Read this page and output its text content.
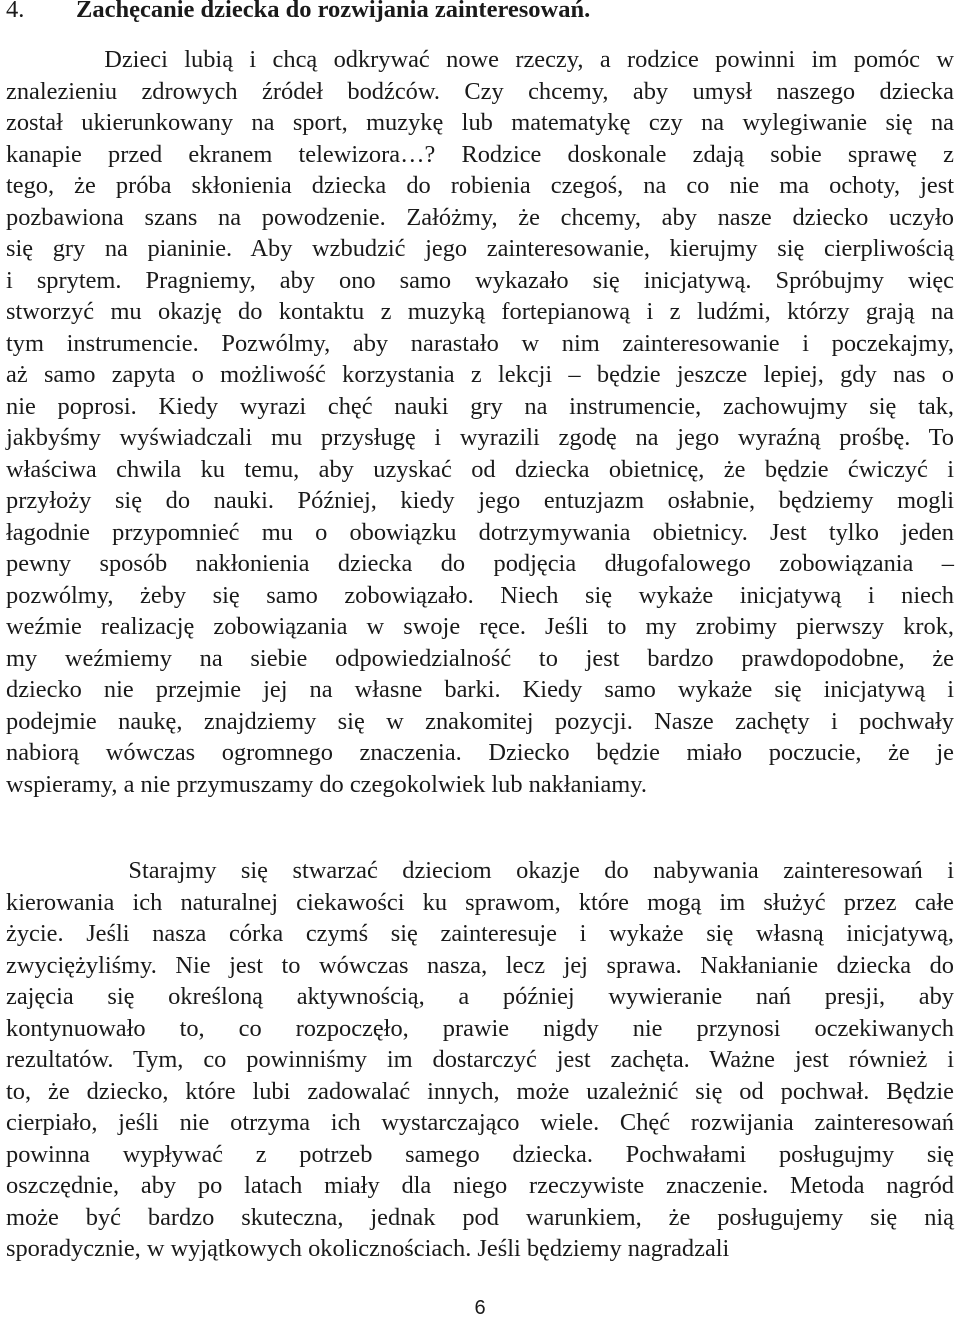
4. Zachęcanie dziecka do rozwijania zainteresowań.
Dzieci lubią i chcą odkrywać nowe rzeczy, a rodzice powinni im pomóc w
znalezieniu zdrowych źródeł bodźców. Czy chcemy, aby umysł naszego dziecka
został ukierunkowany na sport, muzykę lub matematykę czy na wylegiwanie się na
kanapie przed ekranem telewizora…? Rodzice doskonale zdają sobie sprawę z
tego, że próba skłonienia dziecka do robienia czegoś, na co nie ma ochoty, jest
pozbawiona szans na powodzenie. Załóżmy, że chcemy, aby nasze dziecko uczyło
się gry na pianinie. Aby wzbudzić jego zainteresowanie, kierujmy się cierpliwością
i sprytem. Pragniemy, aby ono samo wykazało się inicjatywą. Spróbujmy więc
stworzyć mu okazję do kontaktu z muzyką fortepianową i z ludźmi, którzy grają na
tym instrumencie. Pozwólmy, aby narastało w nim zainteresowanie i poczekajmy,
aż samo zapyta o możliwość korzystania z lekcji – będzie jeszcze lepiej, gdy nas o
nie poprosi. Kiedy wyrazi chęć nauki gry na instrumencie, zachowujmy się tak,
jakbyśmy wyświadczali mu przysługę i wyrazili zgodę na jego wyraźną prośbę. To
właściwa chwila ku temu, aby uzyskać od dziecka obietnicę, że będzie ćwiczyć i
przyłoży się do nauki. Później, kiedy jego entuzjazm osłabnie, będziemy mogli
łagodnie przypomnieć mu o obowiązku dotrzymywania obietnicy. Jest tylko jeden
pewny sposób nakłonienia dziecka do podjęcia długofalowego zobowiązania –
pozwólmy, żeby się samo zobowiązało. Niech się wykaże inicjatywą i niech
weźmie realizację zobowiązania w swoje ręce. Jeśli to my zrobimy pierwszy krok,
my weźmiemy na siebie odpowiedzialność to jest bardzo prawdopodobne, że
dziecko nie przejmie jej na własne barki. Kiedy samo wykaże się inicjatywą i
podejmie naukę, znajdziemy się w znakomitej pozycji. Nasze zachęty i pochwały
nabiorą wówczas ogromnego znaczenia. Dziecko będzie miało poczucie, że je
wspieramy, a nie przymuszamy do czegokolwiek lub nakłaniamy.
Starajmy się stwarzać dzieciom okazje do nabywania zainteresowań i
kierowania ich naturalnej ciekawości ku sprawom, które mogą im służyć przez całe
życie. Jeśli nasza córka czymś się zainteresuje i wykaże się własną inicjatywą,
zwyciężyliśmy. Nie jest to wówczas nasza, lecz jej sprawa. Nakłanianie dziecka do
zajęcia się określoną aktywnością, a później wywieranie nań presji, aby
kontynuowało to, co rozpoczęło, prawie nigdy nie przynosi oczekiwanych
rezultatów. Tym, co powinniśmy im dostarczyć jest zachęta. Ważne jest również i
to, że dziecko, które lubi zadowalać innych, może uzależnić się od pochwał. Będzie
cierpiało, jeśli nie otrzyma ich wystarczająco wiele. Chęć rozwijania zainteresowań
powinna wypływać z potrzeb samego dziecka. Pochwałami posługujmy się
oszczędnie, aby po latach miały dla niego rzeczywiste znaczenie. Metoda nagród
może być bardzo skuteczna, jednak pod warunkiem, że posługujemy się nią
sporadycznie, w wyjątkowych okolicznościach. Jeśli będziemy nagradzali
6
